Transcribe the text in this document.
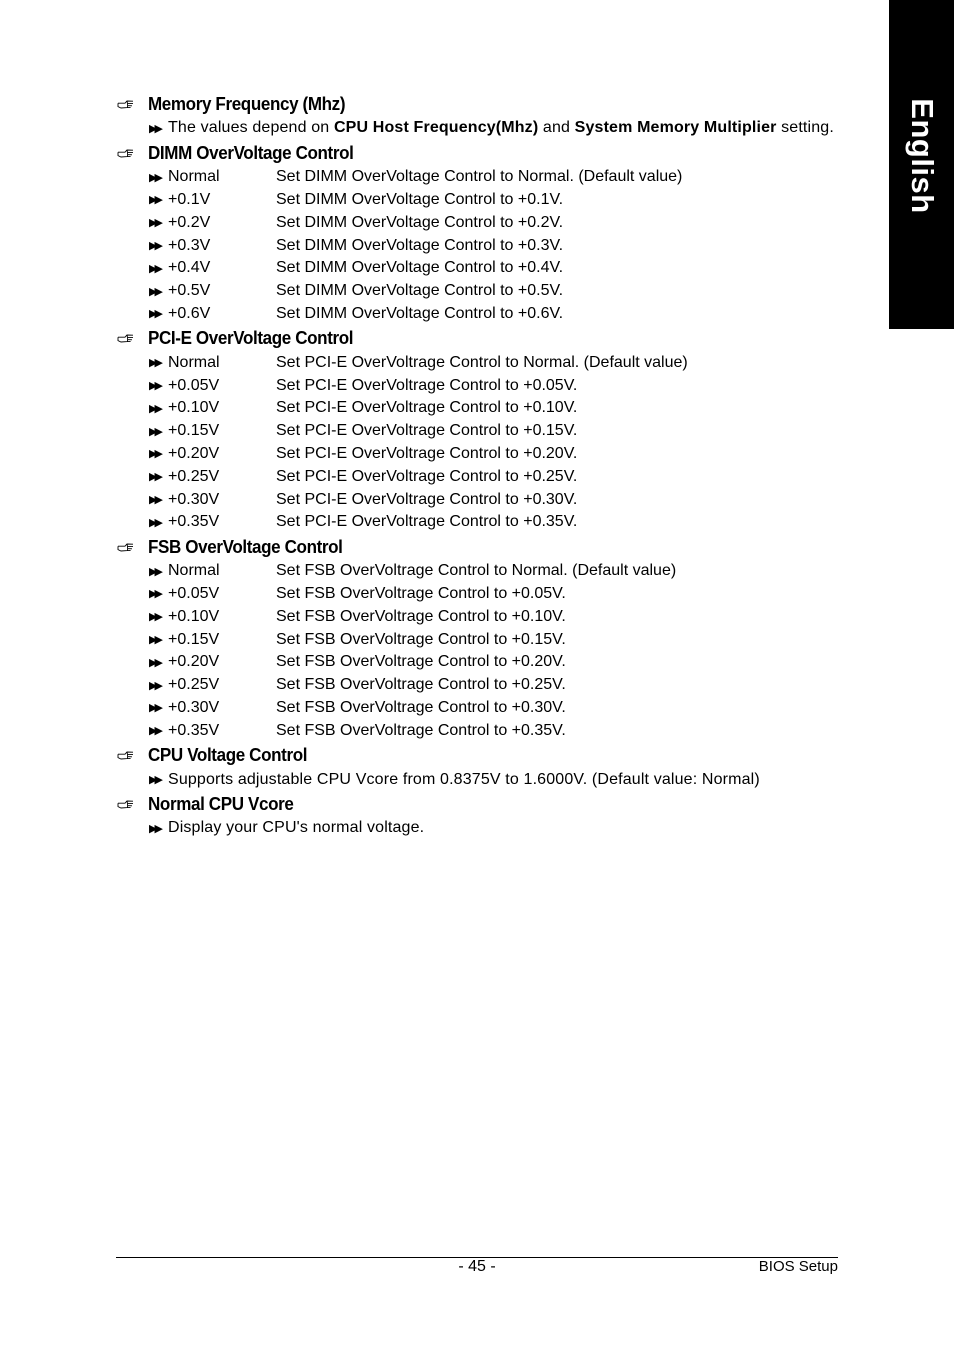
English
Memory Frequency (Mhz)
▶▶ The values depend on CPU Host Frequency(Mhz) and System Memory Multiplier setting.
DIMM OverVoltage Control
▶▶ Normal	Set DIMM OverVoltage Control to Normal. (Default value)
▶▶ +0.1V	Set DIMM OverVoltage Control to +0.1V.
▶▶ +0.2V	Set DIMM OverVoltage Control to +0.2V.
▶▶ +0.3V	Set DIMM OverVoltage Control to +0.3V.
▶▶ +0.4V	Set DIMM OverVoltage Control to +0.4V.
▶▶ +0.5V	Set DIMM OverVoltage Control to +0.5V.
▶▶ +0.6V	Set DIMM OverVoltage Control to +0.6V.
PCI-E OverVoltage Control
▶▶ Normal	Set PCI-E OverVoltrage Control to Normal. (Default value)
▶▶ +0.05V	Set PCI-E OverVoltrage Control to +0.05V.
▶▶ +0.10V	Set PCI-E OverVoltrage Control to +0.10V.
▶▶ +0.15V	Set PCI-E OverVoltrage Control to +0.15V.
▶▶ +0.20V	Set PCI-E OverVoltrage Control to +0.20V.
▶▶ +0.25V	Set PCI-E OverVoltrage Control to +0.25V.
▶▶ +0.30V	Set PCI-E OverVoltrage Control to +0.30V.
▶▶ +0.35V	Set PCI-E OverVoltrage Control to +0.35V.
FSB OverVoltage Control
▶▶ Normal	Set FSB OverVoltrage Control to Normal. (Default value)
▶▶ +0.05V	Set FSB OverVoltrage Control to +0.05V.
▶▶ +0.10V	Set FSB OverVoltrage Control to +0.10V.
▶▶ +0.15V	Set FSB OverVoltrage Control to +0.15V.
▶▶ +0.20V	Set FSB OverVoltrage Control to +0.20V.
▶▶ +0.25V	Set FSB OverVoltrage Control to +0.25V.
▶▶ +0.30V	Set FSB OverVoltrage Control to +0.30V.
▶▶ +0.35V	Set FSB OverVoltrage Control to +0.35V.
CPU Voltage Control
▶▶ Supports adjustable CPU Vcore from 0.8375V to 1.6000V. (Default value: Normal)
Normal CPU Vcore
▶▶ Display your CPU's normal voltage.
- 45 -	BIOS Setup
